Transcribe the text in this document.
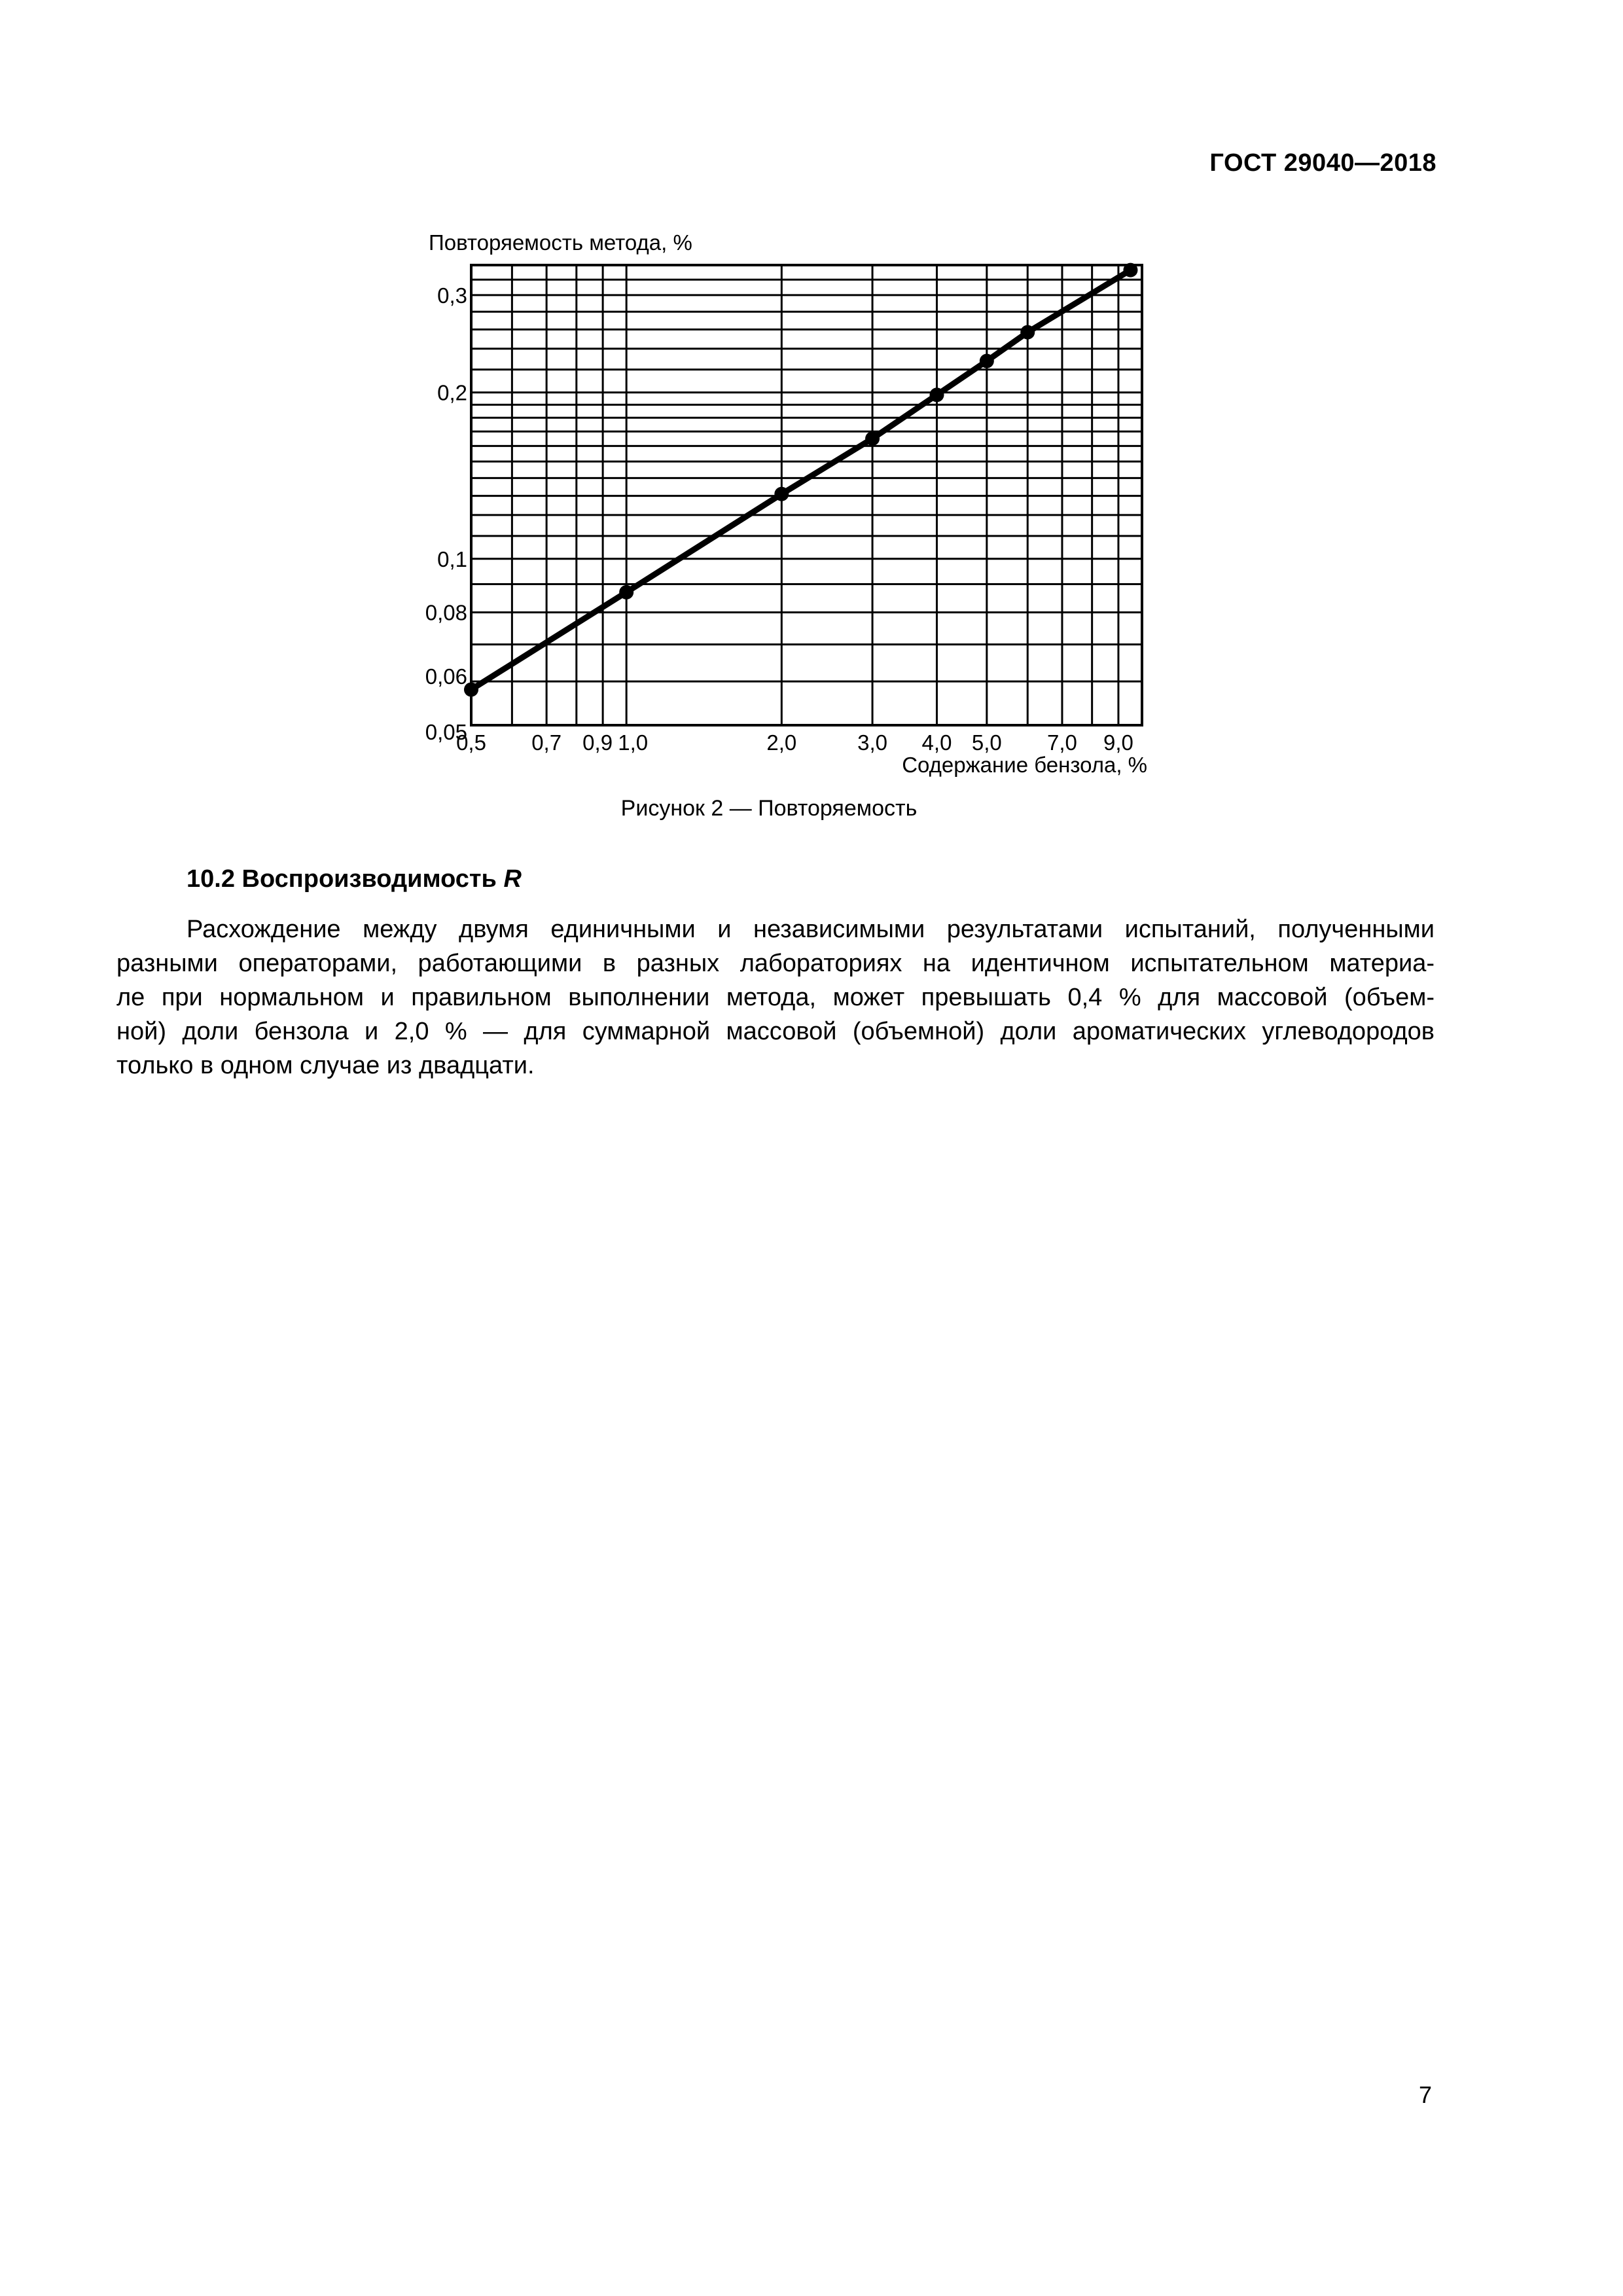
ГОСТ 29040—2018
0,5 0,7 0,9 1,0	2,0	3,0 4,0 5,0 7,0 9,0
0,05
0,06
0,08
0,1
0,2
0,3
Повторяемость метода, %
Содержание бензола, %
Рисунок 2 — Повторяемость
10.2 Воспроизводимость R
Расхождение между двумя единичными и независимыми результатами испытаний, полученными
разными операторами, работающими в разных лабораториях на идентичном испытательном материа-
ле при нормальном и правильном выполнении метода, может превышать 0,4 % для массовой (объем-
ной) доли бензола и 2,0 % — для суммарной массовой (объемной) доли ароматических углеводородов
только в одном случае из двадцати.
7
